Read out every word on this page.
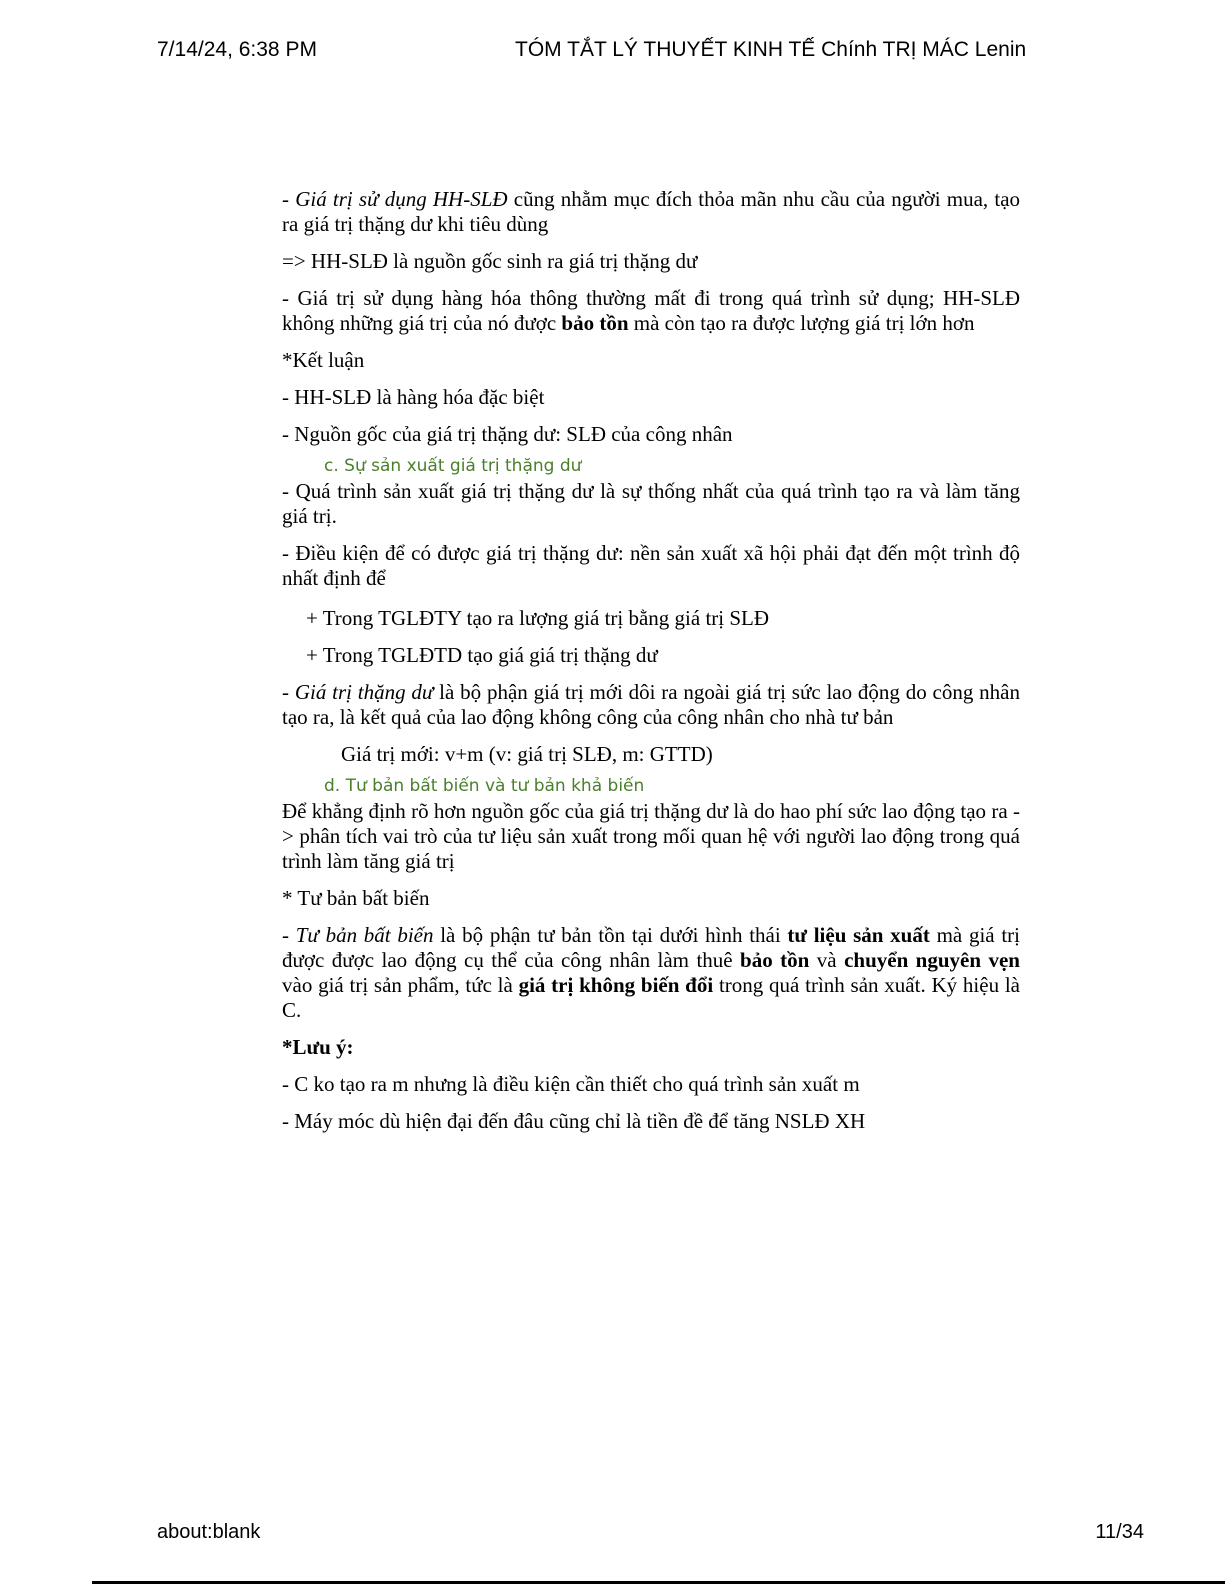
7/14/24, 6:38 PM	TÓM TẮT LÝ THUYẾT KINH TẾ Chính TRỊ MÁC Lenin

- Giá trị sử dụng HH-SLĐ cũng nhằm mục đích thỏa mãn nhu cầu của người mua, tạo ra giá trị thặng dư khi tiêu dùng

=> HH-SLĐ là nguồn gốc sinh ra giá trị thặng dư

- Giá trị sử dụng hàng hóa thông thường mất đi trong quá trình sử dụng; HH-SLĐ không những giá trị của nó được bảo tồn mà còn tạo ra được lượng giá trị lớn hơn

*Kết luận

- HH-SLĐ là hàng hóa đặc biệt

- Nguồn gốc của giá trị thặng dư: SLĐ của công nhân

c. Sự sản xuất giá trị thặng dư

- Quá trình sản xuất giá trị thặng dư là sự thống nhất của quá trình tạo ra và làm tăng giá trị.

- Điều kiện để có được giá trị thặng dư: nền sản xuất xã hội phải đạt đến một trình độ nhất định để

+ Trong TGLĐTY tạo ra lượng giá trị bằng giá trị SLĐ

+ Trong TGLĐTD tạo giá giá trị thặng dư

- Giá trị thặng dư là bộ phận giá trị mới dôi ra ngoài giá trị sức lao động do công nhân tạo ra, là kết quả của lao động không công của công nhân cho nhà tư bản

Giá trị mới: v+m (v: giá trị SLĐ, m: GTTD)

d. Tư bản bất biến và tư bản khả biến

Để khẳng định rõ hơn nguồn gốc của giá trị thặng dư là do hao phí sức lao động tạo ra -> phân tích vai trò của tư liệu sản xuất trong mối quan hệ với người lao động trong quá trình làm tăng giá trị

* Tư bản bất biến

- Tư bản bất biến là bộ phận tư bản tồn tại dưới hình thái tư liệu sản xuất mà giá trị được được lao động cụ thể của công nhân làm thuê bảo tồn và chuyển nguyên vẹn vào giá trị sản phẩm, tức là giá trị không biến đổi trong quá trình sản xuất. Ký hiệu là C.

*Lưu ý:

- C ko tạo ra m nhưng là điều kiện cần thiết cho quá trình sản xuất m

- Máy móc dù hiện đại đến đâu cũng chỉ là tiền đề để tăng NSLĐ XH

about:blank	11/34
